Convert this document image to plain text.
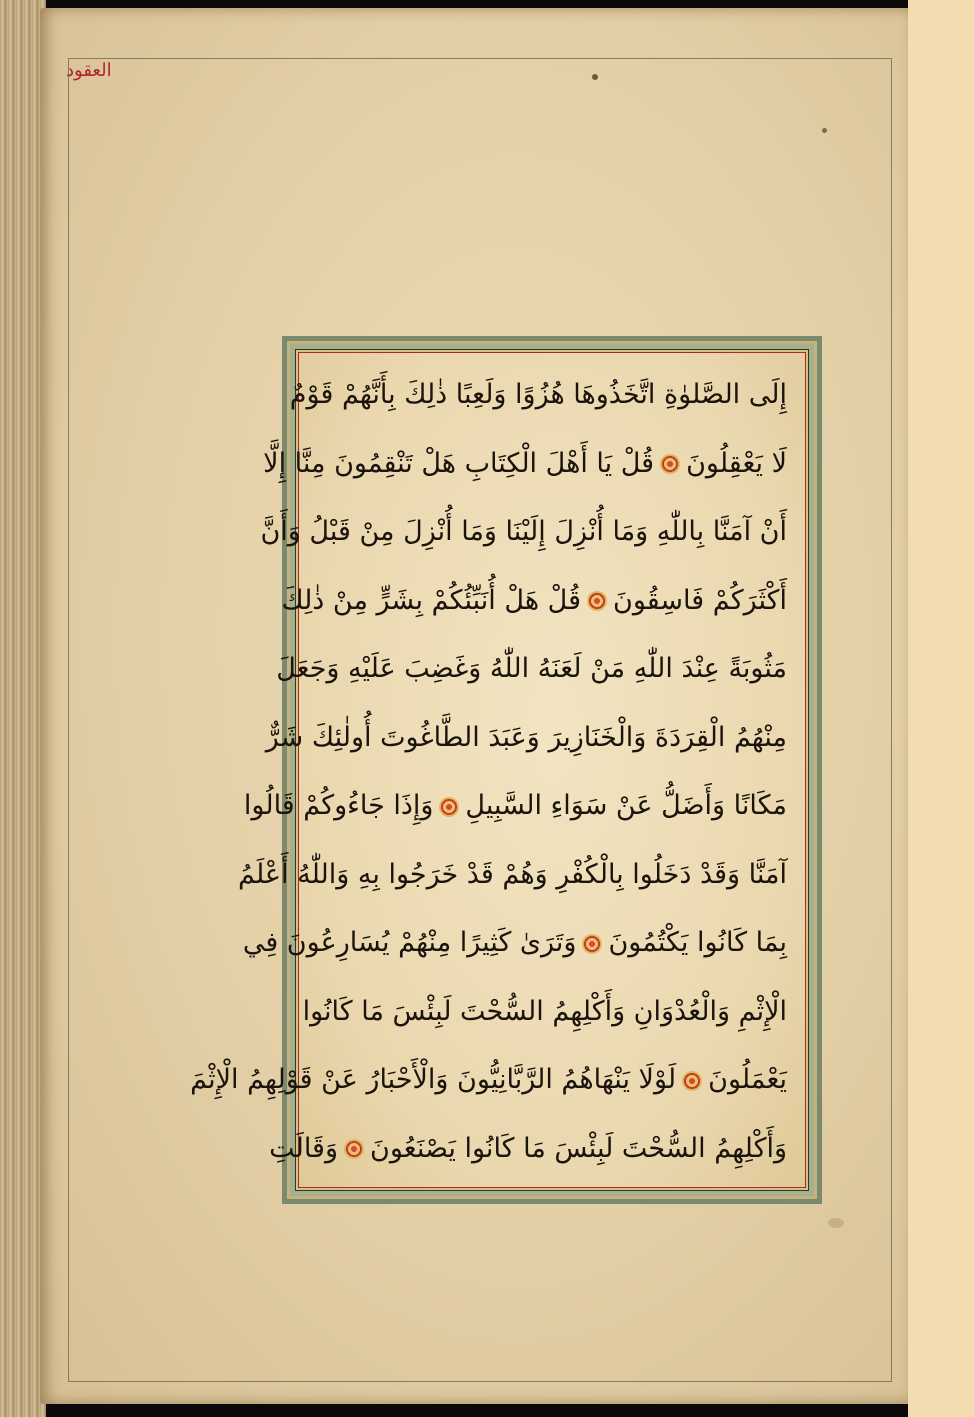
العقود
إِلَى الصَّلوٰةِ اتَّخَذُوهَا هُزُوًا وَلَعِبًا ذٰلِكَ بِأَنَّهُمْ قَوْمٌ
لَا يَعْقِلُونَقُلْ يَا أَهْلَ الْكِتَابِ هَلْ تَنْقِمُونَ مِنَّا إِلَّا
أَنْ آمَنَّا بِاللّٰهِ وَمَا أُنْزِلَ إِلَيْنَا وَمَا أُنْزِلَ مِنْ قَبْلُ وَأَنَّ
أَكْثَرَكُمْ فَاسِقُونَقُلْ هَلْ أُنَبِّئُكُمْ بِشَرٍّ مِنْ ذٰلِكَ
مَثُوبَةً عِنْدَ اللّٰهِ مَنْ لَعَنَهُ اللّٰهُ وَغَضِبَ عَلَيْهِ وَجَعَلَ
مِنْهُمُ الْقِرَدَةَ وَالْخَنَازِيرَ وَعَبَدَ الطَّاغُوتَ أُولٰئِكَ شَرٌّ
مَكَانًا وَأَضَلُّ عَنْ سَوَاءِ السَّبِيلِوَإِذَا جَاءُوكُمْ قَالُوا
آمَنَّا وَقَدْ دَخَلُوا بِالْكُفْرِ وَهُمْ قَدْ خَرَجُوا بِهِ وَاللّٰهُ أَعْلَمُ
بِمَا كَانُوا يَكْتُمُونَوَتَرَىٰ كَثِيرًا مِنْهُمْ يُسَارِعُونَ فِي
الْإِثْمِ وَالْعُدْوَانِ وَأَكْلِهِمُ السُّحْتَ لَبِئْسَ مَا كَانُوا
يَعْمَلُونَلَوْلَا يَنْهَاهُمُ الرَّبَّانِيُّونَ وَالْأَحْبَارُ عَنْ قَوْلِهِمُ الْإِثْمَ
وَأَكْلِهِمُ السُّحْتَ لَبِئْسَ مَا كَانُوا يَصْنَعُونَوَقَالَتِ
